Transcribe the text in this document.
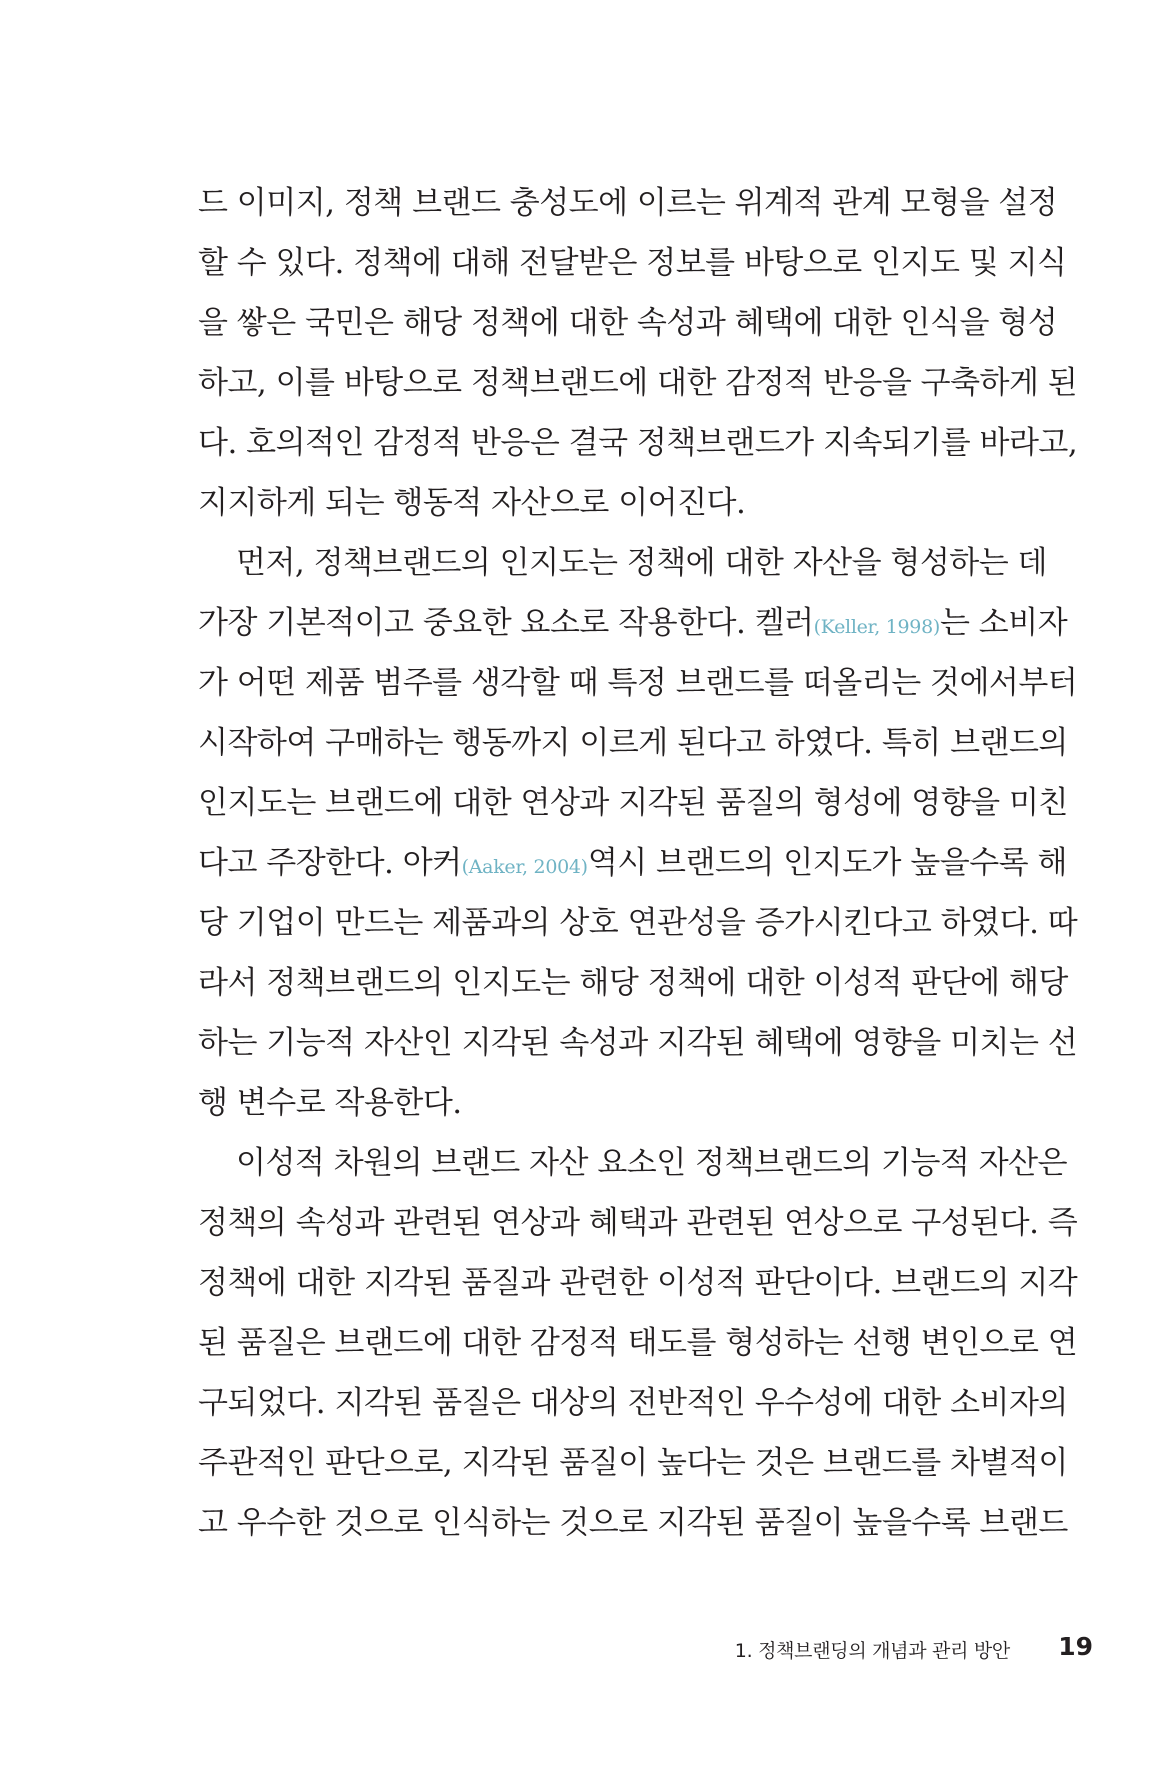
드 이미지, 정책 브랜드 충성도에 이르는 위계적 관계 모형을 설정
할 수 있다. 정책에 대해 전달받은 정보를 바탕으로 인지도 및 지식
을 쌓은 국민은 해당 정책에 대한 속성과 혜택에 대한 인식을 형성
하고, 이를 바탕으로 정책브랜드에 대한 감정적 반응을 구축하게 된
다. 호의적인 감정적 반응은 결국 정책브랜드가 지속되기를 바라고,
지지하게 되는 행동적 자산으로 이어진다.
먼저, 정책브랜드의 인지도는 정책에 대한 자산을 형성하는 데
가장 기본적이고 중요한 요소로 작용한다. 켈러(Keller, 1998)는 소비자
가 어떤 제품 범주를 생각할 때 특정 브랜드를 떠올리는 것에서부터
시작하여 구매하는 행동까지 이르게 된다고 하였다. 특히 브랜드의
인지도는 브랜드에 대한 연상과 지각된 품질의 형성에 영향을 미친
다고 주장한다. 아커(Aaker, 2004)역시 브랜드의 인지도가 높을수록 해
당 기업이 만드는 제품과의 상호 연관성을 증가시킨다고 하였다. 따
라서 정책브랜드의 인지도는 해당 정책에 대한 이성적 판단에 해당
하는 기능적 자산인 지각된 속성과 지각된 혜택에 영향을 미치는 선
행 변수로 작용한다.
이성적 차원의 브랜드 자산 요소인 정책브랜드의 기능적 자산은
정책의 속성과 관련된 연상과 혜택과 관련된 연상으로 구성된다. 즉
정책에 대한 지각된 품질과 관련한 이성적 판단이다. 브랜드의 지각
된 품질은 브랜드에 대한 감정적 태도를 형성하는 선행 변인으로 연
구되었다. 지각된 품질은 대상의 전반적인 우수성에 대한 소비자의
주관적인 판단으로, 지각된 품질이 높다는 것은 브랜드를 차별적이
고 우수한 것으로 인식하는 것으로 지각된 품질이 높을수록 브랜드
1. 정책브랜딩의 개념과 관리 방안 19
